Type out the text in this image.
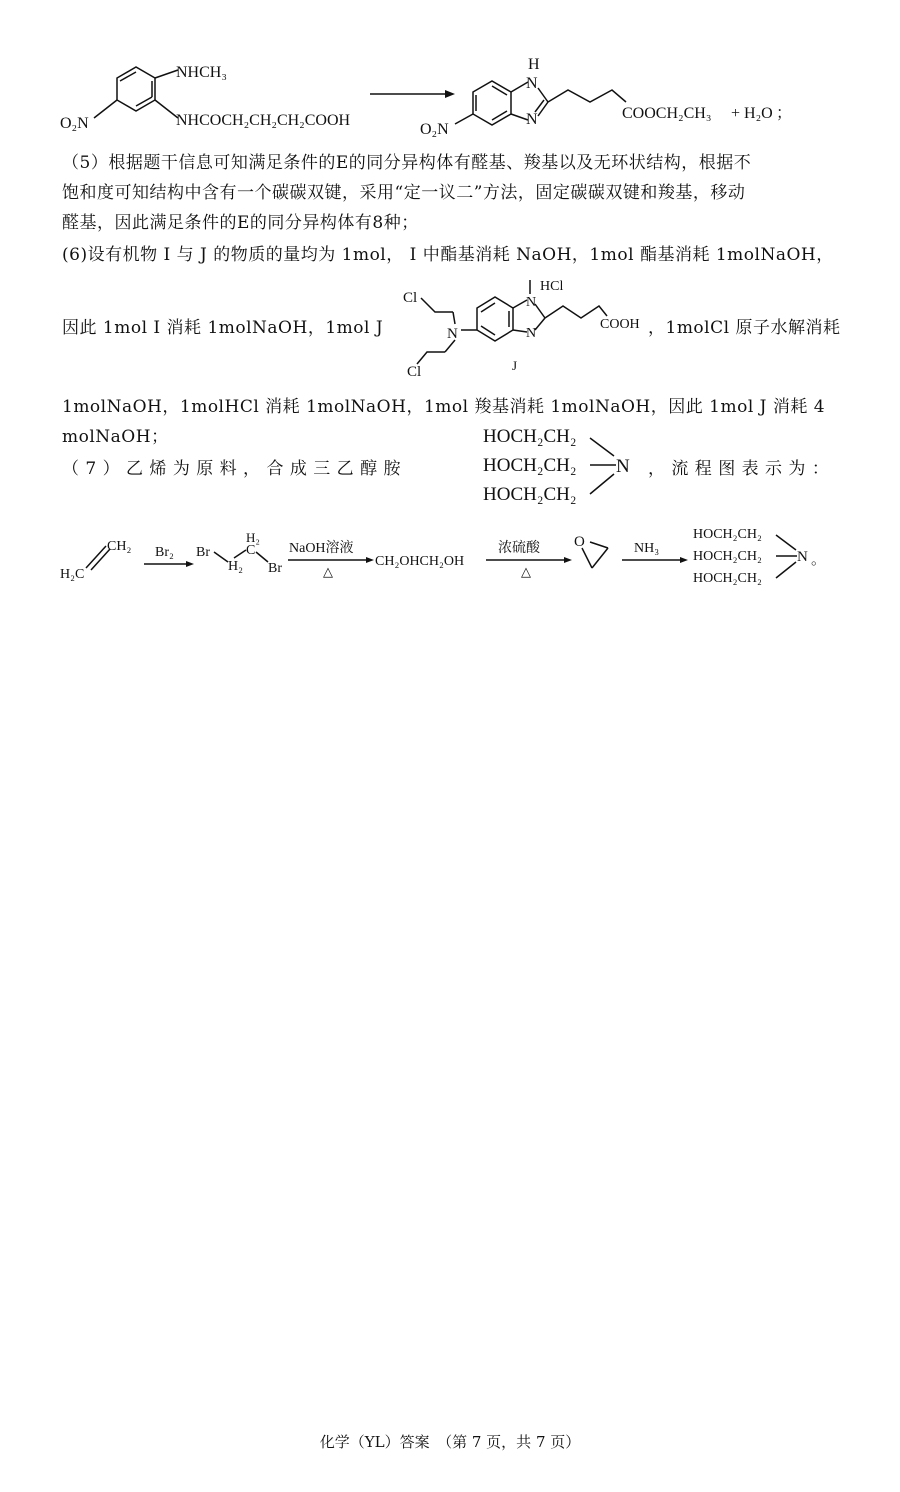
NHCH₃
NHCOCH₂CH₂CH₂COOH
O₂N
H
N
N	COOCH₂CH₃ + H₂O ；
O₂N
（5）根据题干信息可知满足条件的E的同分异构体有醛基、羧基以及无环状结构，根据不
饱和度可知结构中含有一个碳碳双键，采用“定一议二”方法，固定碳碳双键和羧基，移动
醛基，因此满足条件的E的同分异构体有8种；
(6)设有机物 I 与 J 的物质的量均为 1mol， I 中酯基消耗 NaOH，1mol 酯基消耗 1molNaOH，
因此 1mol I 消耗 1molNaOH，1mol J	，1molCl 原子水解消耗
Cl
N
Cl
N
N
HCl
COOH
J
1molNaOH，1molHCl 消耗 1molNaOH，1mol 羧基消耗 1molNaOH，因此 1mol J 消耗 4 molNaOH；
（ 7 ） 乙 烯 为 原 料 ， 合 成 三 乙 醇 胺
HOCH₂CH₂
HOCH₂CH₂
HOCH₂CH₂
N ， 流 程 图 表 示 为 ：
CH₂
H₂C
Br₂ Br
H₂
H₂
C
Br
NaOH溶液
△
CH₂OHCH₂OH
浓硫酸
△
O	NH₃
HOCH₂CH₂
HOCH₂CH₂
HOCH₂CH₂
N 。
化学（YL）答案　（第 7 页，共 7 页）
